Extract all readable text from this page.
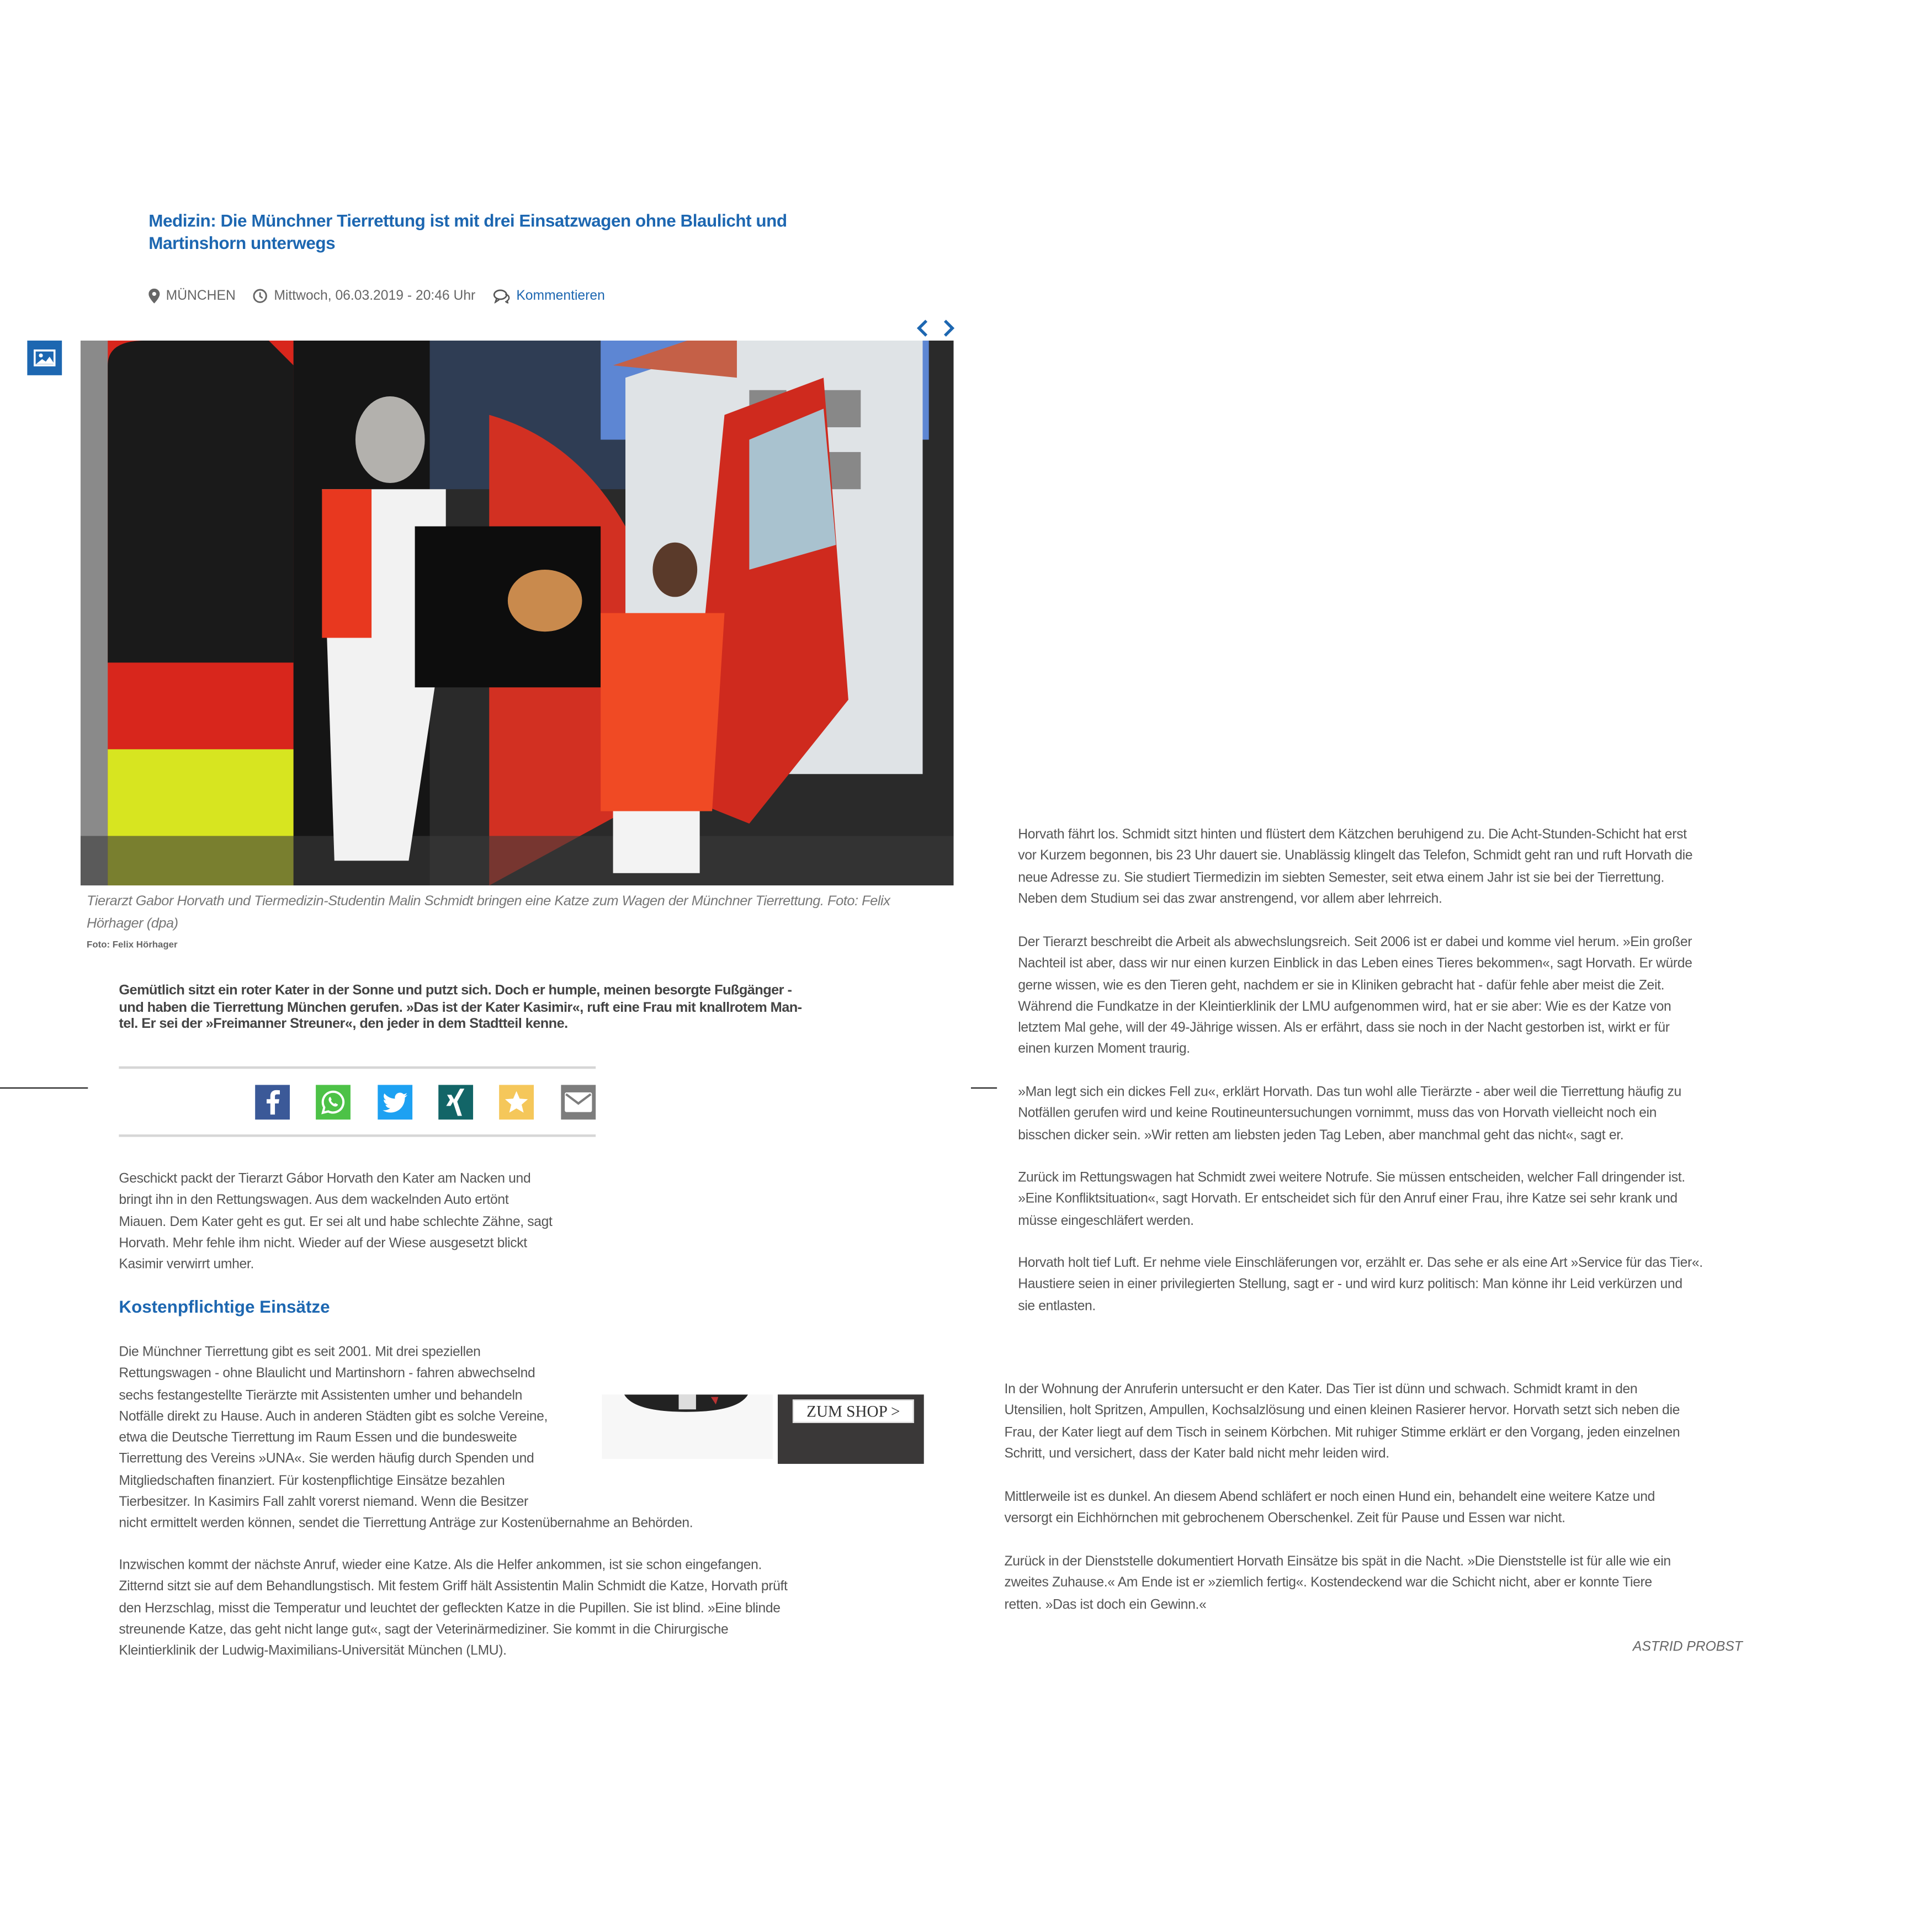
Medizin: Die Münchner Tierrettung ist mit drei Einsatzwagen ohne Blaulicht und Martinshorn unterwegs
MÜNCHEN	Mittwoch, 06.03.2019 - 20:46 Uhr	Kommentieren
Tierarzt Gabor Horvath und Tiermedizin-Studentin Malin Schmidt bringen eine Katze zum Wagen der Münchner Tierrettung. Foto: Felix
Hörhager (dpa)
Foto: Felix Hörhager
Gemütlich sitzt ein roter Kater in der Sonne und putzt sich. Doch er humple, meinen besorgte Fußgänger -
und haben die Tierrettung München gerufen. »Das ist der Kater Kasimir«, ruft eine Frau mit knallrotem Man-
tel. Er sei der »Freimanner Streuner«, den jeder in dem Stadtteil kenne.
Geschickt packt der Tierarzt Gábor Horvath den Kater am Nacken und
bringt ihn in den Rettungswagen. Aus dem wackelnden Auto ertönt
Miauen. Dem Kater geht es gut. Er sei alt und habe schlechte Zähne, sagt
Horvath. Mehr fehle ihm nicht. Wieder auf der Wiese ausgesetzt blickt
Kasimir verwirrt umher.
Kostenpflichtige Einsätze
Die Münchner Tierrettung gibt es seit 2001. Mit drei speziellen
Rettungswagen - ohne Blaulicht und Martinshorn - fahren abwechselnd
sechs festangestellte Tierärzte mit Assistenten umher und behandeln
Notfälle direkt zu Hause. Auch in anderen Städten gibt es solche Vereine,
etwa die Deutsche Tierrettung im Raum Essen und die bundesweite
Tierrettung des Vereins »UNA«. Sie werden häufig durch Spenden und
Mitgliedschaften finanziert. Für kostenpflichtige Einsätze bezahlen
Tierbesitzer. In Kasimirs Fall zahlt vorerst niemand. Wenn die Besitzer
nicht ermittelt werden können, sendet die Tierrettung Anträge zur Kostenübernahme an Behörden.
Inzwischen kommt der nächste Anruf, wieder eine Katze. Als die Helfer ankommen, ist sie schon eingefangen.
Zitternd sitzt sie auf dem Behandlungstisch. Mit festem Griff hält Assistentin Malin Schmidt die Katze, Horvath prüft
den Herzschlag, misst die Temperatur und leuchtet der gefleckten Katze in die Pupillen. Sie ist blind. »Eine blinde
streunende Katze, das geht nicht lange gut«, sagt der Veterinärmediziner. Sie kommt in die Chirurgische
Kleintierklinik der Ludwig-Maximilians-Universität München (LMU).
ZUM SHOP >
Horvath fährt los. Schmidt sitzt hinten und flüstert dem Kätzchen beruhigend zu. Die Acht-Stunden-Schicht hat erst
vor Kurzem begonnen, bis 23 Uhr dauert sie. Unablässig klingelt das Telefon, Schmidt geht ran und ruft Horvath die
neue Adresse zu. Sie studiert Tiermedizin im siebten Semester, seit etwa einem Jahr ist sie bei der Tierrettung.
Neben dem Studium sei das zwar anstrengend, vor allem aber lehrreich.
Der Tierarzt beschreibt die Arbeit als abwechslungsreich. Seit 2006 ist er dabei und komme viel herum. »Ein großer
Nachteil ist aber, dass wir nur einen kurzen Einblick in das Leben eines Tieres bekommen«, sagt Horvath. Er würde
gerne wissen, wie es den Tieren geht, nachdem er sie in Kliniken gebracht hat - dafür fehle aber meist die Zeit.
Während die Fundkatze in der Kleintierklinik der LMU aufgenommen wird, hat er sie aber: Wie es der Katze von
letztem Mal gehe, will der 49-Jährige wissen. Als er erfährt, dass sie noch in der Nacht gestorben ist, wirkt er für
einen kurzen Moment traurig.
»Man legt sich ein dickes Fell zu«, erklärt Horvath. Das tun wohl alle Tierärzte - aber weil die Tierrettung häufig zu
Notfällen gerufen wird und keine Routineuntersuchungen vornimmt, muss das von Horvath vielleicht noch ein
bisschen dicker sein. »Wir retten am liebsten jeden Tag Leben, aber manchmal geht das nicht«, sagt er.
Zurück im Rettungswagen hat Schmidt zwei weitere Notrufe. Sie müssen entscheiden, welcher Fall dringender ist.
»Eine Konfliktsituation«, sagt Horvath. Er entscheidet sich für den Anruf einer Frau, ihre Katze sei sehr krank und
müsse eingeschläfert werden.
Horvath holt tief Luft. Er nehme viele Einschläferungen vor, erzählt er. Das sehe er als eine Art »Service für das Tier«.
Haustiere seien in einer privilegierten Stellung, sagt er - und wird kurz politisch: Man könne ihr Leid verkürzen und
sie entlasten.
In der Wohnung der Anruferin untersucht er den Kater. Das Tier ist dünn und schwach. Schmidt kramt in den
Utensilien, holt Spritzen, Ampullen, Kochsalzlösung und einen kleinen Rasierer hervor. Horvath setzt sich neben die
Frau, der Kater liegt auf dem Tisch in seinem Körbchen. Mit ruhiger Stimme erklärt er den Vorgang, jeden einzelnen
Schritt, und versichert, dass der Kater bald nicht mehr leiden wird.
Mittlerweile ist es dunkel. An diesem Abend schläfert er noch einen Hund ein, behandelt eine weitere Katze und
versorgt ein Eichhörnchen mit gebrochenem Oberschenkel. Zeit für Pause und Essen war nicht.
Zurück in der Dienststelle dokumentiert Horvath Einsätze bis spät in die Nacht. »Die Dienststelle ist für alle wie ein
zweites Zuhause.« Am Ende ist er »ziemlich fertig«. Kostendeckend war die Schicht nicht, aber er konnte Tiere
retten. »Das ist doch ein Gewinn.«
ASTRID PROBST
